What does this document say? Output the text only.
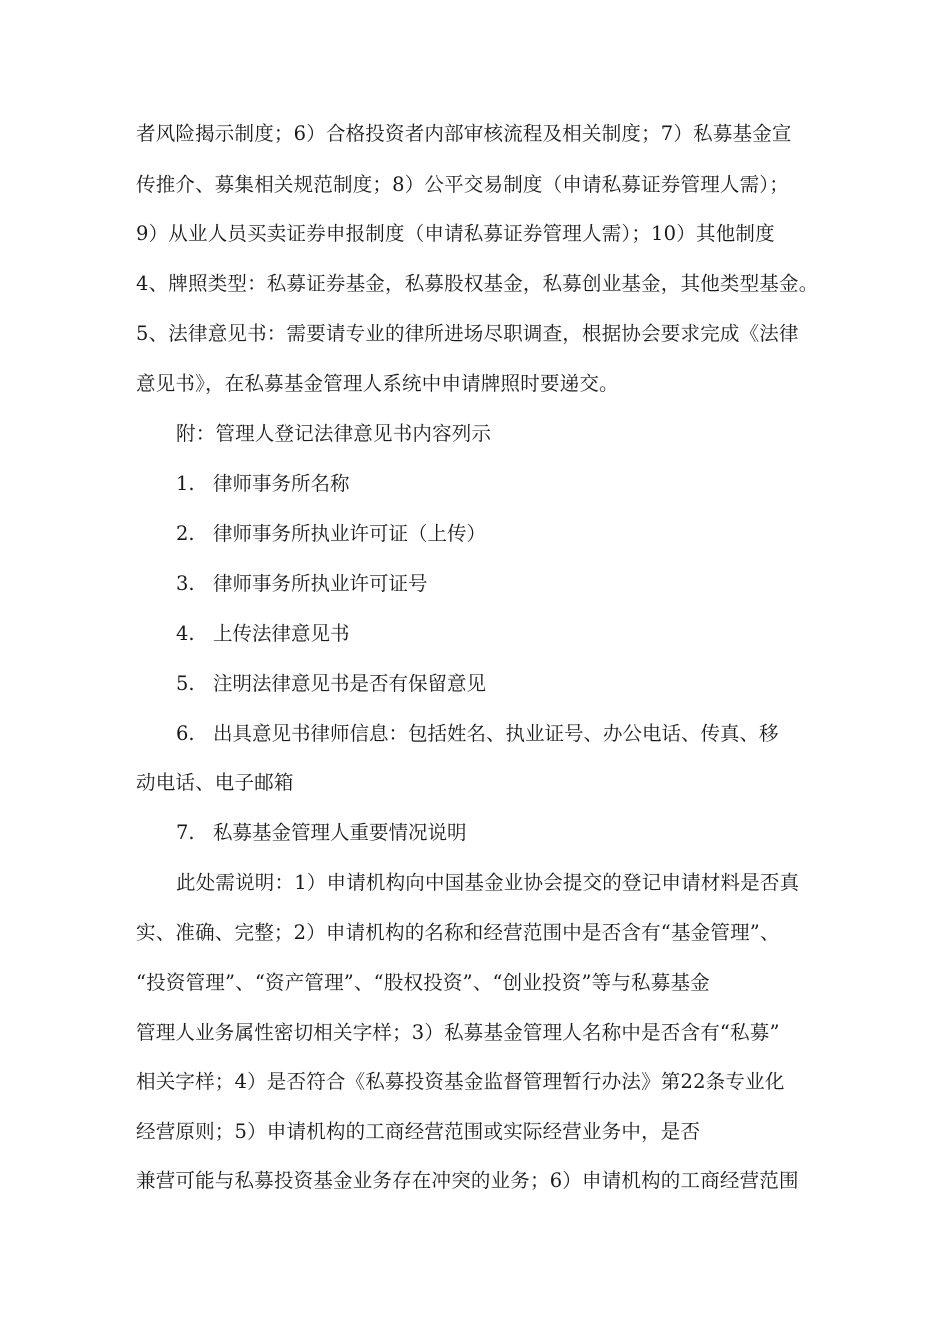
者风险揭示制度；6）合格投资者内部审核流程及相关制度；7）私募基金宣
传推介、募集相关规范制度；8）公平交易制度（申请私募证券管理人需）；
9）从业人员买卖证券申报制度（申请私募证券管理人需）；10）其他制度
4、牌照类型：私募证券基金，私募股权基金，私募创业基金，其他类型基金。
5、法律意见书：需要请专业的律所进场尽职调查，根据协会要求完成《法律
意见书》，在私募基金管理人系统中申请牌照时要递交。
附：管理人登记法律意见书内容列示
1. 律师事务所名称
2. 律师事务所执业许可证（上传）
3. 律师事务所执业许可证号
4. 上传法律意见书
5. 注明法律意见书是否有保留意见
6. 出具意见书律师信息：包括姓名、执业证号、办公电话、传真、移
动电话、电子邮箱
7. 私募基金管理人重要情况说明
此处需说明：1）申请机构向中国基金业协会提交的登记申请材料是否真
实、准确、完整；2）申请机构的名称和经营范围中是否含有“基金管理”、
“投资管理”、“资产管理”、“股权投资”、“创业投资”等与私募基金
管理人业务属性密切相关字样；3）私募基金管理人名称中是否含有“私募”
相关字样；4）是否符合《私募投资基金监督管理暂行办法》第22条专业化
经营原则；5）申请机构的工商经营范围或实际经营业务中，是否
兼营可能与私募投资基金业务存在冲突的业务；6）申请机构的工商经营范围
